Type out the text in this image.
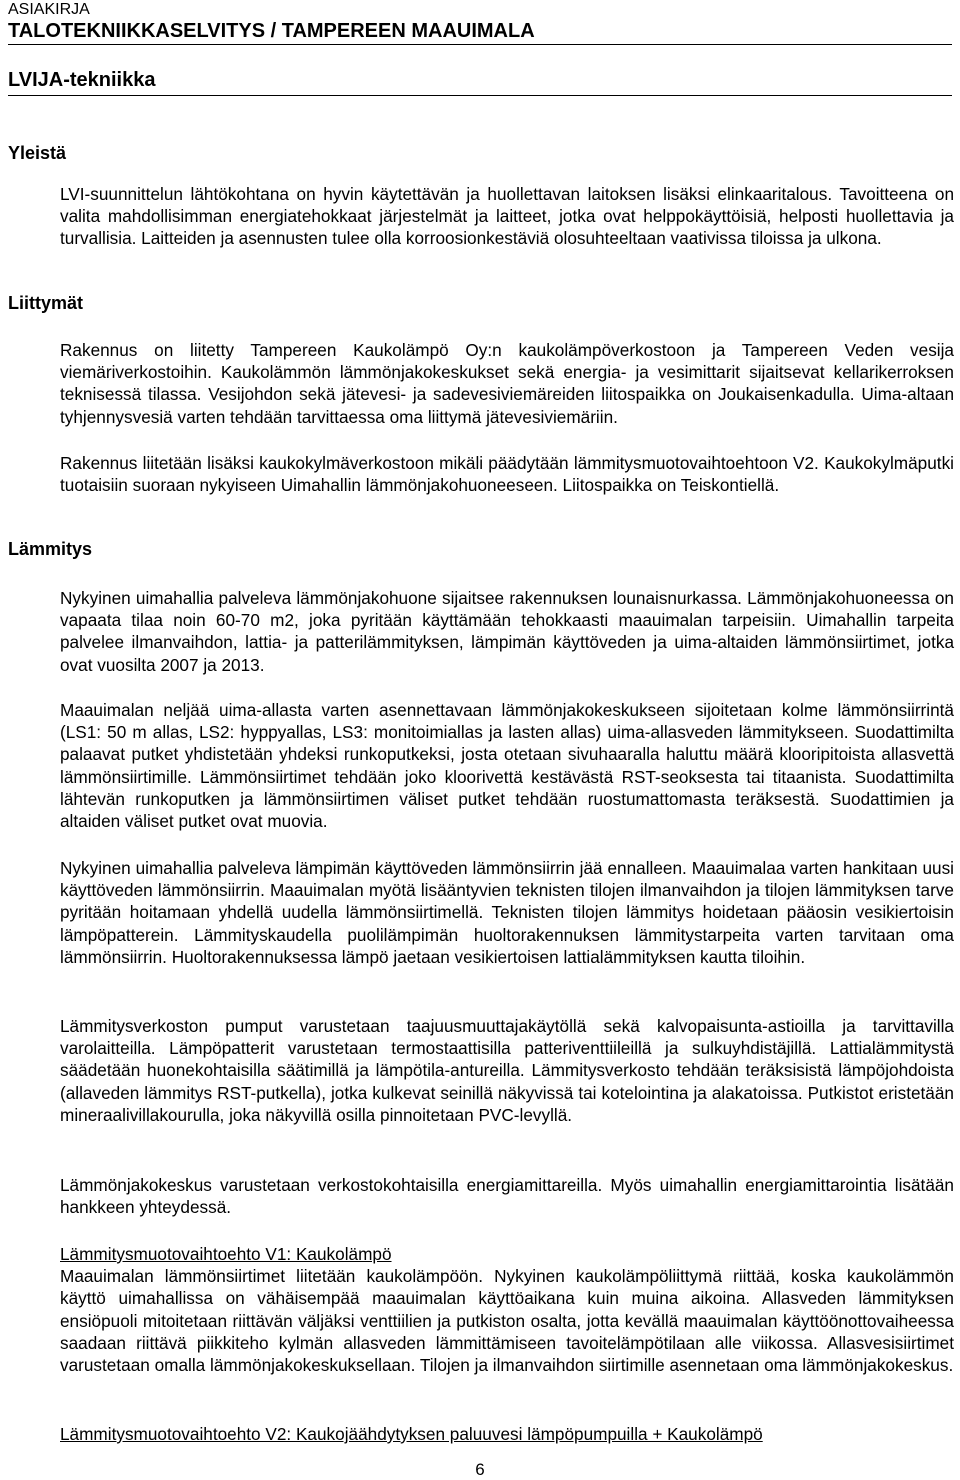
ASIAKIRJA
TALOTEKNIIKKASELVITYS / TAMPEREEN MAAUIMALA
LVIJA-tekniikka
Yleistä
Liittymät
Lämmitys

LVI-suunnittelun lähtökohtana on hyvin käytettävän ja huollettavan laitoksen lisäksi elinkaaritalous. Tavoitteena on valita mahdollisimman energiatehokkaat järjestelmät ja laitteet, jotka ovat helppokäyttöisiä, helposti huollettavia ja turvallisia. Laitteiden ja asennusten tulee olla korroosionkestäviä olosuhteeltaan vaativissa tiloissa ja ulkona.

Rakennus on liitetty Tampereen Kaukolämpö Oy:n kaukolämpöverkostoon ja Tampereen Veden vesija viemäriverkostoihin. Kaukolämmön lämmönjakokeskukset sekä energia- ja vesimittarit sijaitsevat kellarikerroksen teknisessä tilassa. Vesijohdon sekä jätevesi- ja sadevesiviemäreiden liitospaikka on Joukaisenkadulla. Uima-altaan tyhjennysvesiä varten tehdään tarvittaessa oma liittymä jätevesiviemäriin.

Rakennus liitetään lisäksi kaukokylmäverkostoon mikäli päädytään lämmitysmuotovaihtoehtoon V2. Kaukokylmäputki tuotaisiin suoraan nykyiseen Uimahallin lämmönjakohuoneeseen. Liitospaikka on Teiskontiellä.

Nykyinen uimahallia palveleva lämmönjakohuone sijaitsee rakennuksen lounaisnurkassa. Lämmönjakohuoneessa on vapaata tilaa noin 60-70 m2, joka pyritään käyttämään tehokkaasti maauimalan tarpeisiin. Uimahallin tarpeita palvelee ilmanvaihdon, lattia- ja patterilämmityksen, lämpimän käyttöveden ja uima-altaiden lämmönsiirtimet, jotka ovat vuosilta 2007 ja 2013.

Maauimalan neljää uima-allasta varten asennettavaan lämmönjakokeskukseen sijoitetaan kolme lämmönsiirrintä (LS1: 50 m allas, LS2: hyppyallas, LS3: monitoimiallas ja lasten allas) uima-allasveden lämmitykseen. Suodattimilta palaavat putket yhdistetään yhdeksi runkoputkeksi, josta otetaan sivuhaaralla haluttu määrä klooripitoista allasvettä lämmönsiirtimille. Lämmönsiirtimet tehdään joko kloorivettä kestävästä RST-seoksesta tai titaanista. Suodattimilta lähtevän runkoputken ja lämmönsiirtimen väliset putket tehdään ruostumattomasta teräksestä. Suodattimien ja altaiden väliset putket ovat muovia.

Nykyinen uimahallia palveleva lämpimän käyttöveden lämmönsiirrin jää ennalleen. Maauimalaa varten hankitaan uusi käyttöveden lämmönsiirrin. Maauimalan myötä lisääntyvien teknisten tilojen ilmanvaihdon ja tilojen lämmityksen tarve pyritään hoitamaan yhdellä uudella lämmönsiirtimellä. Teknisten tilojen lämmitys hoidetaan pääosin vesikiertoisin lämpöpatterein. Lämmityskaudella puolilämpimän huoltorakennuksen lämmitystarpeita varten tarvitaan oma lämmönsiirrin. Huoltorakennuksessa lämpö jaetaan vesikiertoisen lattialämmityksen kautta tiloihin.

Lämmitysverkoston pumput varustetaan taajuusmuuttajakäytöllä sekä kalvopaisunta-astioilla ja tarvittavilla varolaitteilla. Lämpöpatterit varustetaan termostaattisilla patteriventtiileillä ja sulkuyhdistäjillä. Lattialämmitystä säädetään huonekohtaisilla säätimillä ja lämpötila-antureilla. Lämmitysverkosto tehdään teräksisistä lämpöjohdoista (allaveden lämmitys RST-putkella), jotka kulkevat seinillä näkyvissä tai kotelointina ja alakatoissa. Putkistot eristetään mineraalivillakourulla, joka näkyvillä osilla pinnoitetaan PVC-levyllä.

Lämmönjakokeskus varustetaan verkostokohtaisilla energiamittareilla. Myös uimahallin energiamittarointia lisätään hankkeen yhteydessä.

Lämmitysmuotovaihtoehto V1: Kaukolämpö
Maauimalan lämmönsiirtimet liitetään kaukolämpöön. Nykyinen kaukolämpöliittymä riittää, koska kaukolämmön käyttö uimahallissa on vähäisempää maauimalan käyttöaikana kuin muina aikoina. Allasveden lämmityksen ensiöpuoli mitoitetaan riittävän väljäksi venttiilien ja putkiston osalta, jotta kevällä maauimalan käyttöönottovaiheessa saadaan riittävä piikkiteho kylmän allasveden lämmittämiseen tavoitelämpötilaan alle viikossa. Allasvesisiirtimet varustetaan omalla lämmönjakokeskuksellaan. Tilojen ja ilmanvaihdon siirtimille asennetaan oma lämmönjakokeskus.
Lämmitysmuotovaihtoehto V2: Kaukojäähdytyksen paluuvesi lämpöpumpuilla + Kaukolämpö
6
